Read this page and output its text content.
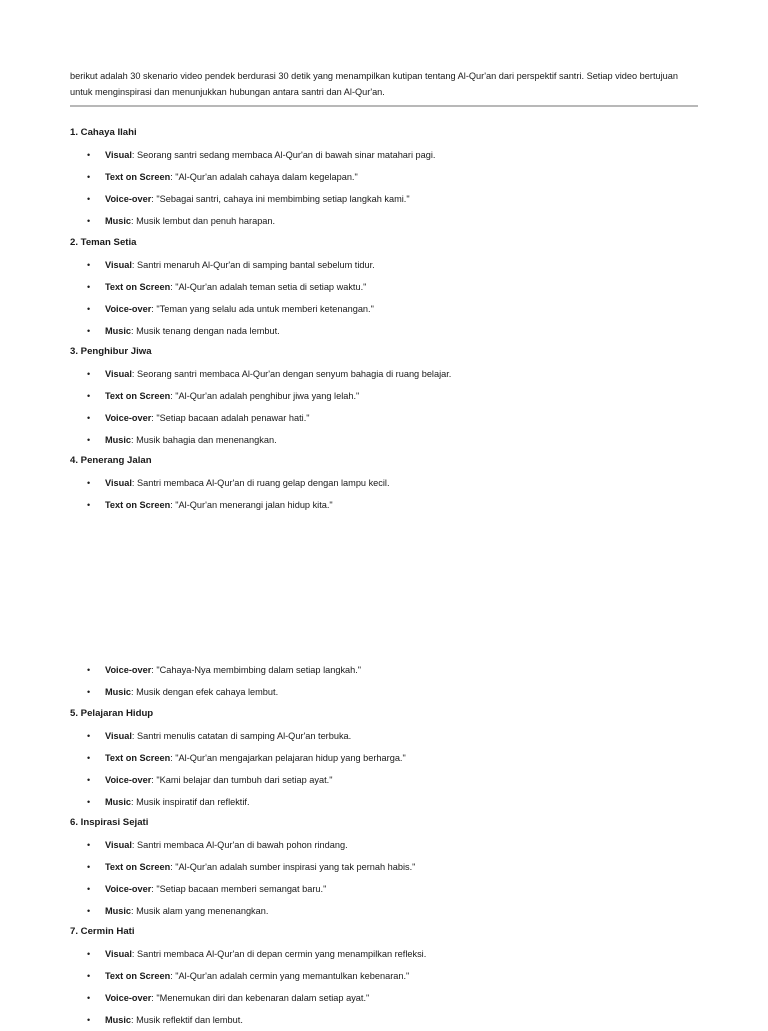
berikut adalah 30 skenario video pendek berdurasi 30 detik yang menampilkan kutipan tentang Al-Qur'an dari perspektif santri. Setiap video bertujuan untuk menginspirasi dan menunjukkan hubungan antara santri dan Al-Qur'an.

1. Cahaya Ilahi
• Visual: Seorang santri sedang membaca Al-Qur'an di bawah sinar matahari pagi.
• Text on Screen: "Al-Qur'an adalah cahaya dalam kegelapan."
• Voice-over: "Sebagai santri, cahaya ini membimbing setiap langkah kami."
• Music: Musik lembut dan penuh harapan.
2. Teman Setia
• Visual: Santri menaruh Al-Qur'an di samping bantal sebelum tidur.
• Text on Screen: "Al-Qur'an adalah teman setia di setiap waktu."
• Voice-over: "Teman yang selalu ada untuk memberi ketenangan."
• Music: Musik tenang dengan nada lembut.
3. Penghibur Jiwa
• Visual: Seorang santri membaca Al-Qur'an dengan senyum bahagia di ruang belajar.
• Text on Screen: "Al-Qur'an adalah penghibur jiwa yang lelah."
• Voice-over: "Setiap bacaan adalah penawar hati."
• Music: Musik bahagia dan menenangkan.
4. Penerang Jalan
• Visual: Santri membaca Al-Qur'an di ruang gelap dengan lampu kecil.
• Text on Screen: "Al-Qur'an menerangi jalan hidup kita."
• Voice-over: "Cahaya-Nya membimbing dalam setiap langkah."
• Music: Musik dengan efek cahaya lembut.
5. Pelajaran Hidup
• Visual: Santri menulis catatan di samping Al-Qur'an terbuka.
• Text on Screen: "Al-Qur'an mengajarkan pelajaran hidup yang berharga."
• Voice-over: "Kami belajar dan tumbuh dari setiap ayat."
• Music: Musik inspiratif dan reflektif.
6. Inspirasi Sejati
• Visual: Santri membaca Al-Qur'an di bawah pohon rindang.
• Text on Screen: "Al-Qur'an adalah sumber inspirasi yang tak pernah habis."
• Voice-over: "Setiap bacaan memberi semangat baru."
• Music: Musik alam yang menenangkan.
7. Cermin Hati
• Visual: Santri membaca Al-Qur'an di depan cermin yang menampilkan refleksi.
• Text on Screen: "Al-Qur'an adalah cermin yang memantulkan kebenaran."
• Voice-over: "Menemukan diri dan kebenaran dalam setiap ayat."
• Music: Musik reflektif dan lembut.
